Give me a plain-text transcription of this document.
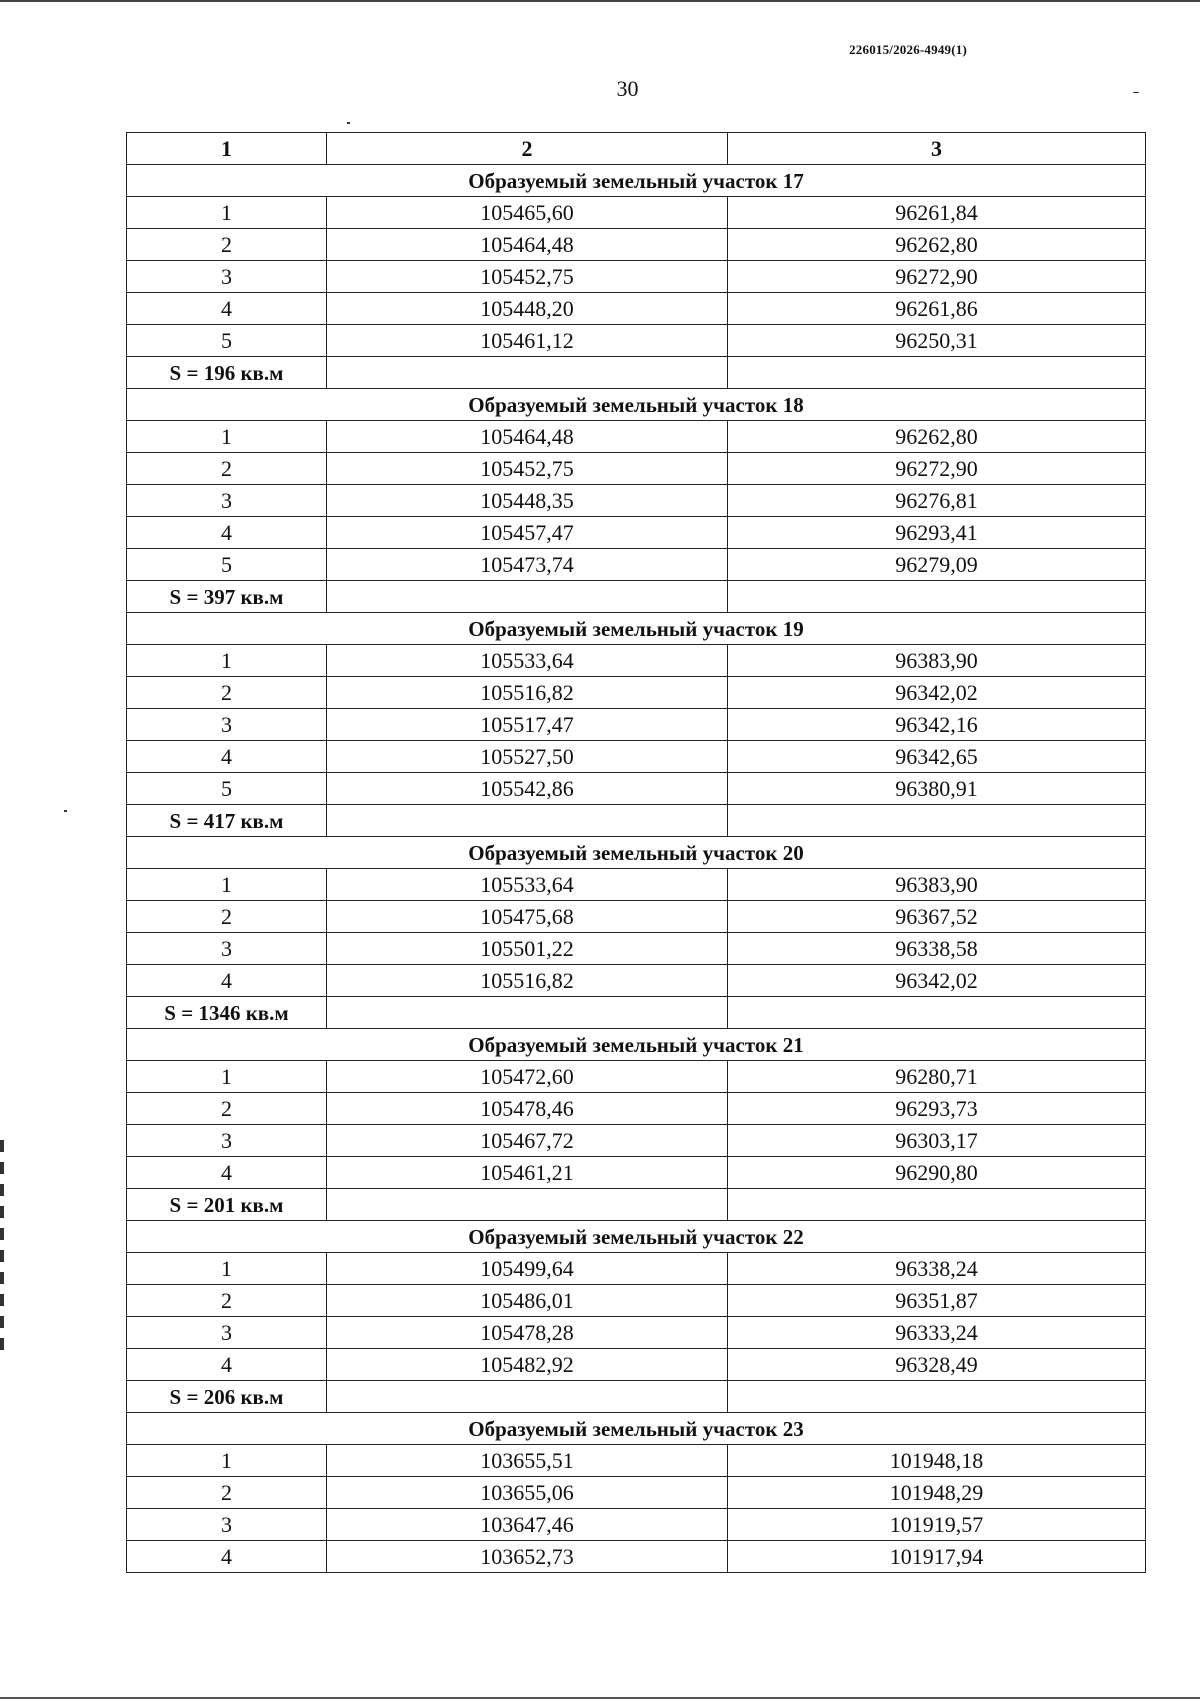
226015/2026-4949(1)
30
1	2	3
Образуемый земельный участок 17		
1	105465,60	96261,84
2	105464,48	96262,80
3	105452,75	96272,90
4	105448,20	96261,86
5	105461,12	96250,31
S = 196 кв.м		
Образуемый земельный участок 18		
1	105464,48	96262,80
2	105452,75	96272,90
3	105448,35	96276,81
4	105457,47	96293,41
5	105473,74	96279,09
S = 397 кв.м		
Образуемый земельный участок 19		
1	105533,64	96383,90
2	105516,82	96342,02
3	105517,47	96342,16
4	105527,50	96342,65
5	105542,86	96380,91
S = 417 кв.м		
Образуемый земельный участок 20		
1	105533,64	96383,90
2	105475,68	96367,52
3	105501,22	96338,58
4	105516,82	96342,02
S = 1346 кв.м		
Образуемый земельный участок 21		
1	105472,60	96280,71
2	105478,46	96293,73
3	105467,72	96303,17
4	105461,21	96290,80
S = 201 кв.м		
Образуемый земельный участок 22		
1	105499,64	96338,24
2	105486,01	96351,87
3	105478,28	96333,24
4	105482,92	96328,49
S = 206 кв.м		
Образуемый земельный участок 23		
1	103655,51	101948,18
2	103655,06	101948,29
3	103647,46	101919,57
4	103652,73	101917,94
